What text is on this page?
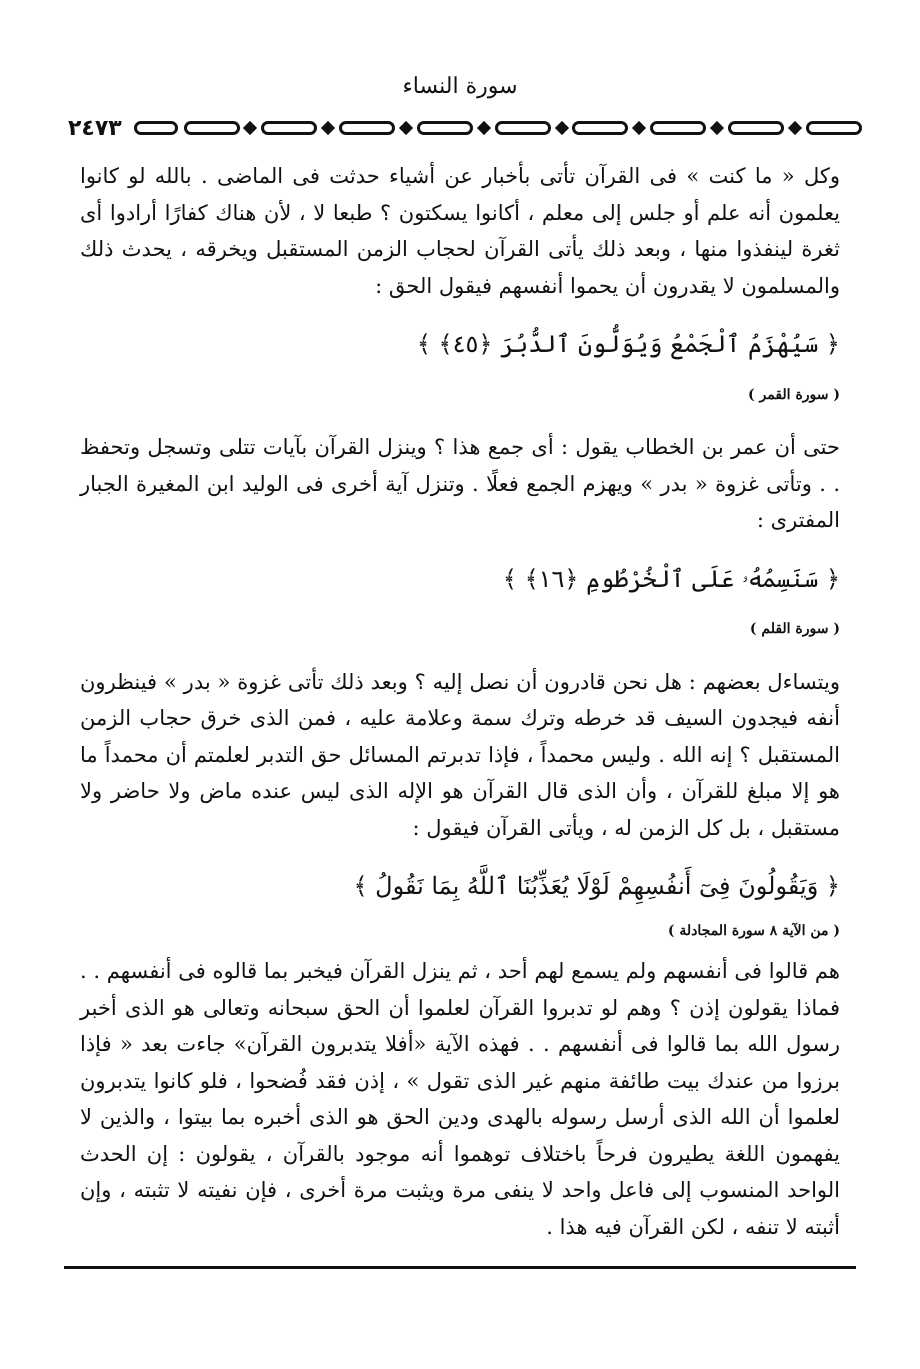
سورة النساء
٢٤٧٣

وكل « ما كنت » فى القرآن تأتى بأخبار عن أشياء حدثت فى الماضى . بالله لو كانوا يعلمون أنه علم أو جلس إلى معلم ، أكانوا يسكتون ؟ طبعا لا ، لأن هناك كفارًا أرادوا أى ثغرة لينفذوا منها ، وبعد ذلك يأتى القرآن لحجاب الزمن المستقبل ويخرقه ، يحدث ذلك والمسلمون لا يقدرون أن يحموا أنفسهم فيقول الحق :

﴿ سَيُهْزَمُ ٱلْجَمْعُ وَيُوَلُّونَ ٱلدُّبُرَ ﴿٤٥﴾ ﴾
( سورة القمر )

حتى أن عمر بن الخطاب يقول : أى جمع هذا ؟ وينزل القرآن بآيات تتلى وتسجل وتحفظ . . وتأتى غزوة « بدر » ويهزم الجمع فعلًا . وتنزل آية أخرى فى الوليد ابن المغيرة الجبار المفترى :

﴿ سَنَسِمُهُۥ عَلَى ٱلْخُرْطُومِ ﴿١٦﴾ ﴾
( سورة القلم )

ويتساءل بعضهم : هل نحن قادرون أن نصل إليه ؟ وبعد ذلك تأتى غزوة « بدر » فينظرون أنفه فيجدون السيف قد خرطه وترك سمة وعلامة عليه ، فمن الذى خرق حجاب الزمن المستقبل ؟ إنه الله . وليس محمداً ، فإذا تدبرتم المسائل حق التدبر لعلمتم أن محمداً ما هو إلا مبلغ للقرآن ، وأن الذى قال القرآن هو الإله الذى ليس عنده ماض ولا حاضر ولا مستقبل ، بل كل الزمن له ، ويأتى القرآن فيقول :

﴿ وَيَقُولُونَ فِىٓ أَنفُسِهِمْ لَوْلَا يُعَذِّبُنَا ٱللَّهُ بِمَا نَقُولُ ﴾
( من الآية ٨ سورة المجادلة )

هم قالوا فى أنفسهم ولم يسمع لهم أحد ، ثم ينزل القرآن فيخبر بما قالوه فى أنفسهم . . فماذا يقولون إذن ؟ وهم لو تدبروا القرآن لعلموا أن الحق سبحانه وتعالى هو الذى أخبر رسول الله بما قالوا فى أنفسهم . . فهذه الآية «أفلا يتدبرون القرآن» جاءت بعد « فإذا برزوا من عندك بيت طائفة منهم غير الذى تقول » ، إذن فقد فُضحوا ، فلو كانوا يتدبرون لعلموا أن الله الذى أرسل رسوله بالهدى ودين الحق هو الذى أخبره بما بيتوا ، والذين لا يفهمون اللغة يطيرون فرحاً باختلاف توهموا أنه موجود بالقرآن ، يقولون : إن الحدث الواحد المنسوب إلى فاعل واحد لا ينفى مرة ويثبت مرة أخرى ، فإن نفيته لا تثبته ، وإن أثبته لا تنفه ، لكن القرآن فيه هذا .
